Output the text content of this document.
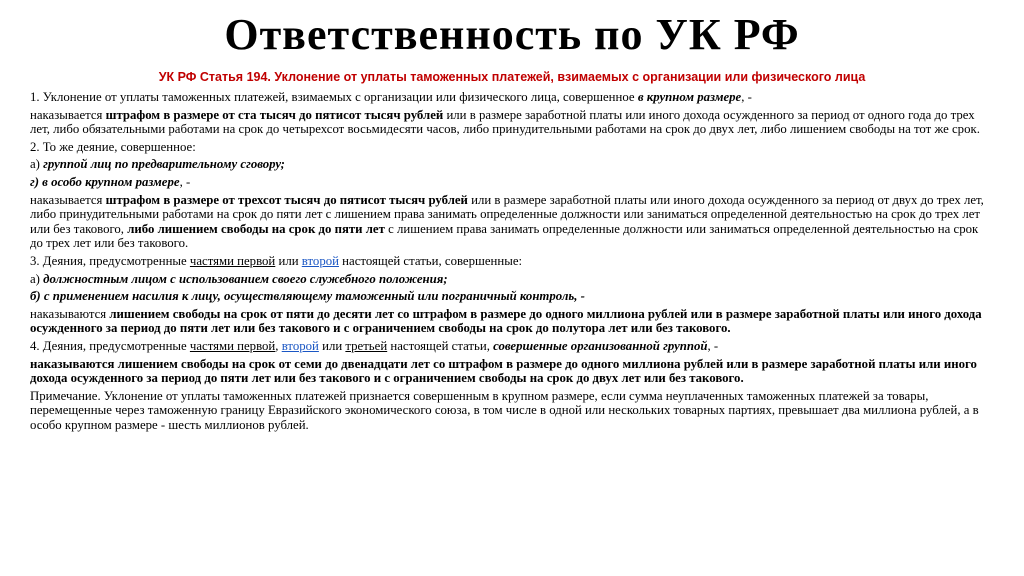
Ответственность по УК РФ
УК РФ Статья 194. Уклонение от уплаты таможенных платежей, взимаемых с организации или физического лица

1. Уклонение от уплаты таможенных платежей, взимаемых с организации или физического лица, совершенное в крупном размере, -

наказывается штрафом в размере от ста тысяч до пятисот тысяч рублей или в размере заработной платы или иного дохода осужденного за период от одного года до трех лет, либо обязательными работами на срок до четырехсот восьмидесяти часов, либо принудительными работами на срок до двух лет, либо лишением свободы на тот же срок.

2. То же деяние, совершенное:

а) группой лиц по предварительному сговору;

г) в особо крупном размере, -

наказывается штрафом в размере от трехсот тысяч до пятисот тысяч рублей или в размере заработной платы или иного дохода осужденного за период от двух до трех лет, либо принудительными работами на срок до пяти лет с лишением права занимать определенные должности или заниматься определенной деятельностью на срок до трех лет или без такового, либо лишением свободы на срок до пяти лет с лишением права занимать определенные должности или заниматься определенной деятельностью на срок до трех лет или без такового.

3. Деяния, предусмотренные частями первой или второй настоящей статьи, совершенные:

а) должностным лицом с использованием своего служебного положения;

б) с применением насилия к лицу, осуществляющему таможенный или пограничный контроль, -

наказываются лишением свободы на срок от пяти до десяти лет со штрафом в размере до одного миллиона рублей или в размере заработной платы или иного дохода осужденного за период до пяти лет или без такового и с ограничением свободы на срок до полутора лет или без такового.

4. Деяния, предусмотренные частями первой, второй или третьей настоящей статьи, совершенные организованной группой, -

наказываются лишением свободы на срок от семи до двенадцати лет со штрафом в размере до одного миллиона рублей или в размере заработной платы или иного дохода осужденного за период до пяти лет или без такового и с ограничением свободы на срок до двух лет или без такового.

Примечание. Уклонение от уплаты таможенных платежей признается совершенным в крупном размере, если сумма неуплаченных таможенных платежей за товары, перемещенные через таможенную границу Евразийского экономического союза, в том числе в одной или нескольких товарных партиях, превышает два миллиона рублей, а в особо крупном размере - шесть миллионов рублей.
